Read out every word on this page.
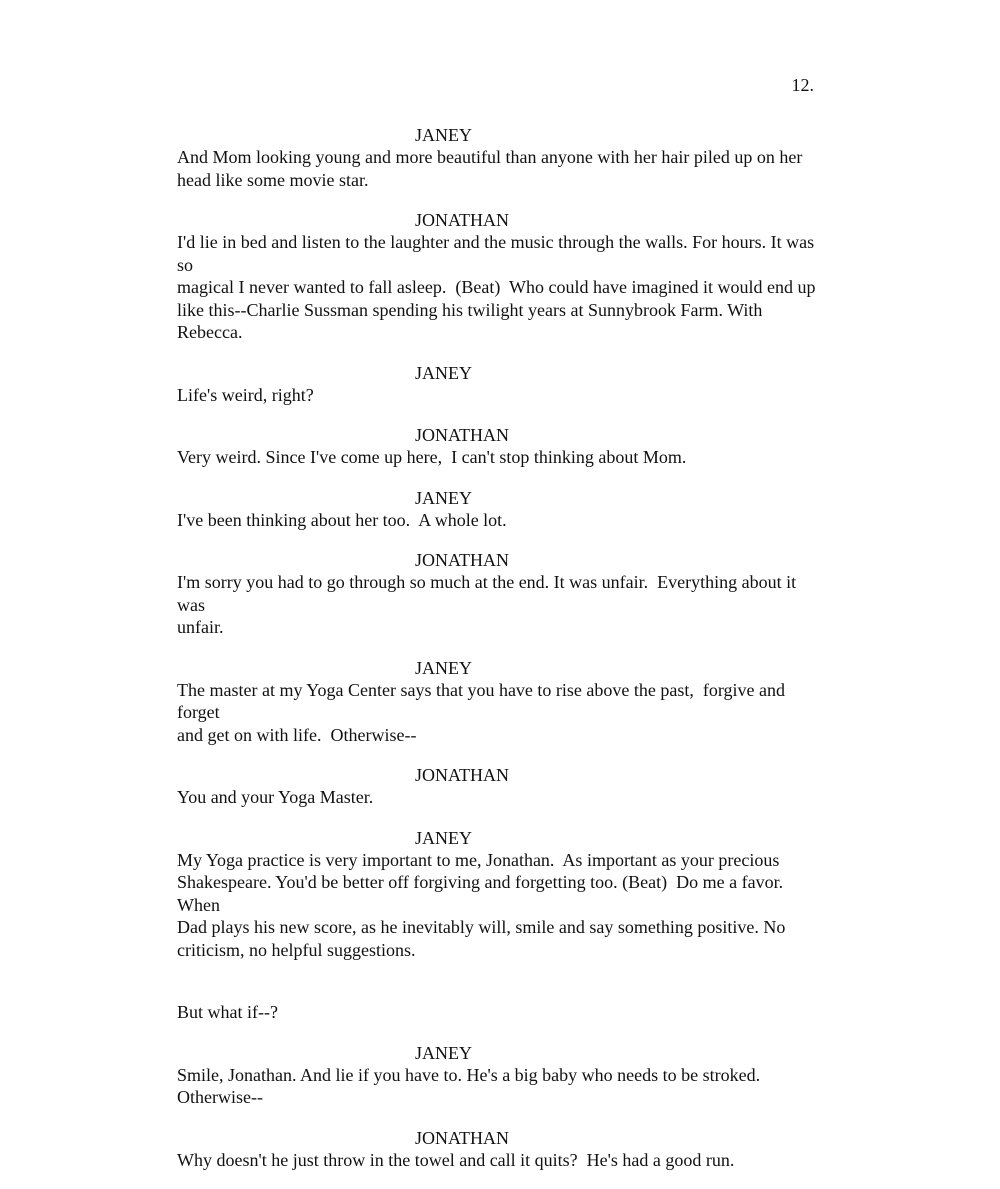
12.
JANEY
And Mom looking young and more beautiful than anyone with her hair piled up on her
head like some movie star.
JONATHAN
I'd lie in bed and listen to the laughter and the music through the walls. For hours. It was so
magical I never wanted to fall asleep.  (Beat)  Who could have imagined it would end up
like this--Charlie Sussman spending his twilight years at Sunnybrook Farm. With Rebecca.
JANEY
Life's weird, right?
JONATHAN
Very weird. Since I've come up here,  I can't stop thinking about Mom.
JANEY
I've been thinking about her too.  A whole lot.
JONATHAN
I'm sorry you had to go through so much at the end. It was unfair.  Everything about it was
unfair.
JANEY
The master at my Yoga Center says that you have to rise above the past,  forgive and forget
and get on with life.  Otherwise--
JONATHAN
You and your Yoga Master.
JANEY
My Yoga practice is very important to me, Jonathan.  As important as your precious
Shakespeare. You'd be better off forgiving and forgetting too. (Beat)  Do me a favor. When
Dad plays his new score, as he inevitably will, smile and say something positive. No
criticism, no helpful suggestions.
But what if--?
JANEY
Smile, Jonathan. And lie if you have to. He's a big baby who needs to be stroked.
Otherwise--
JONATHAN
Why doesn't he just throw in the towel and call it quits?  He's had a good run.
